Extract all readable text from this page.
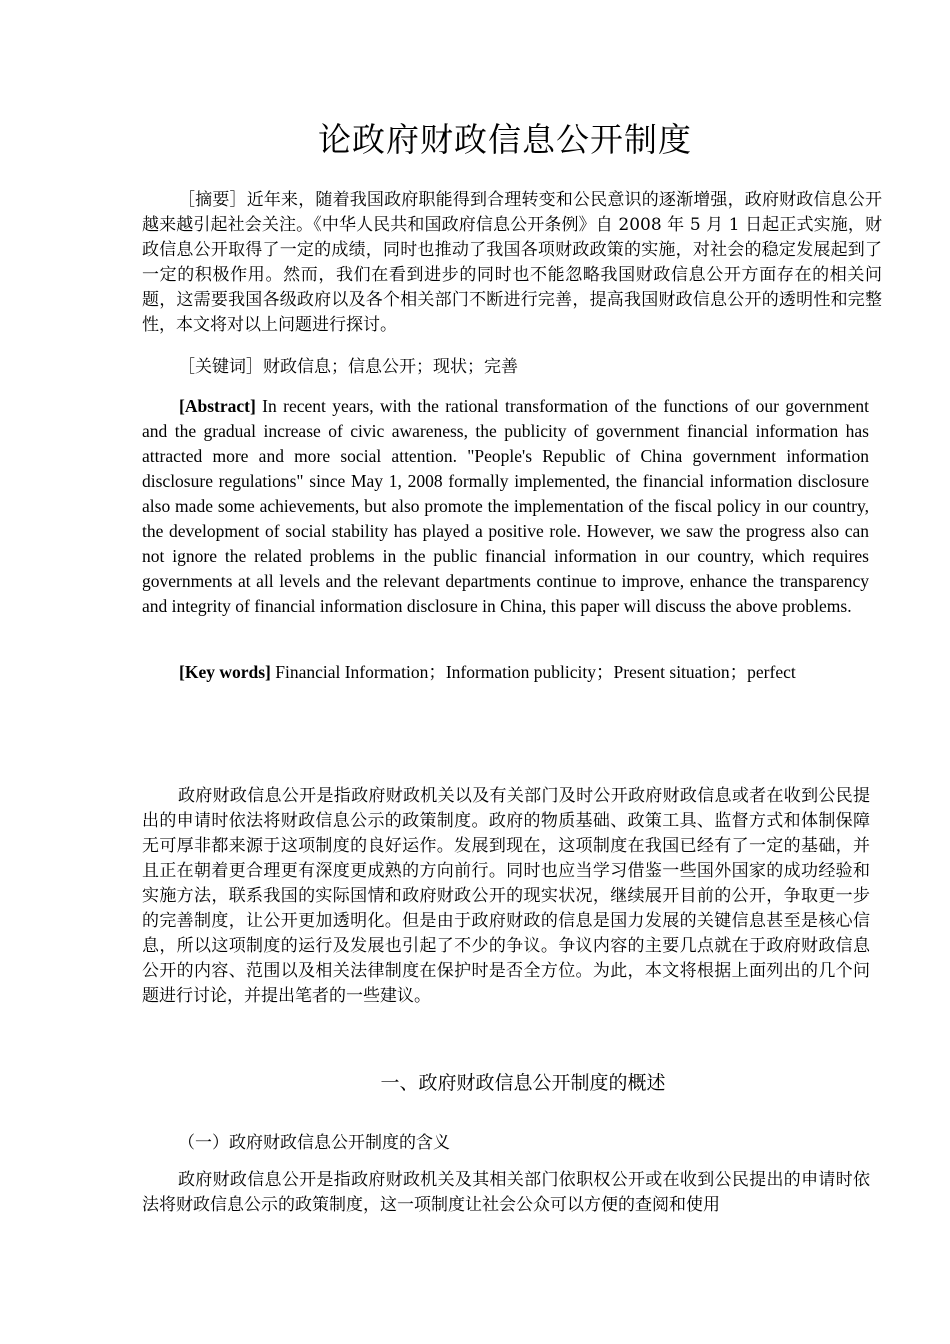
论政府财政信息公开制度

［摘要］近年来，随着我国政府职能得到合理转变和公民意识的逐渐增强，政府财政信息公开越来越引起社会关注。《中华人民共和国政府信息公开条例》自 2008 年 5 月 1 日起正式实施，财政信息公开取得了一定的成绩，同时也推动了我国各项财政政策的实施，对社会的稳定发展起到了一定的积极作用。然而，我们在看到进步的同时也不能忽略我国财政信息公开方面存在的相关问题，这需要我国各级政府以及各个相关部门不断进行完善，提高我国财政信息公开的透明性和完整性，本文将对以上问题进行探讨。

［关键词］财政信息；信息公开；现状；完善

[Abstract] In recent years, with the rational transformation of the functions of our government and the gradual increase of civic awareness, the publicity of government financial information has attracted more and more social attention. "People's Republic of China government information disclosure regulations" since May 1, 2008 formally implemented, the financial information disclosure also made some achievements, but also promote the implementation of the fiscal policy in our country, the development of social stability has played a positive role. However, we saw the progress also can not ignore the related problems in the public financial information in our country, which requires governments at all levels and the relevant departments continue to improve, enhance the transparency and integrity of financial information disclosure in China, this paper will discuss the above problems.

[Key words] Financial Information；Information publicity；Present situation；perfect

政府财政信息公开是指政府财政机关以及有关部门及时公开政府财政信息或者在收到公民提出的申请时依法将财政信息公示的政策制度。政府的物质基础、政策工具、监督方式和体制保障无可厚非都来源于这项制度的良好运作。发展到现在，这项制度在我国已经有了一定的基础，并且正在朝着更合理更有深度更成熟的方向前行。同时也应当学习借鉴一些国外国家的成功经验和实施方法，联系我国的实际国情和政府财政公开的现实状况，继续展开目前的公开，争取更一步的完善制度，让公开更加透明化。但是由于政府财政的信息是国力发展的关键信息甚至是核心信息，所以这项制度的运行及发展也引起了不少的争议。争议内容的主要几点就在于政府财政信息公开的内容、范围以及相关法律制度在保护时是否全方位。为此，本文将根据上面列出的几个问题进行讨论，并提出笔者的一些建议。

一、政府财政信息公开制度的概述
（一）政府财政信息公开制度的含义

政府财政信息公开是指政府财政机关及其相关部门依职权公开或在收到公民提出的申请时依法将财政信息公示的政策制度，这一项制度让社会公众可以方便的查阅和使用
